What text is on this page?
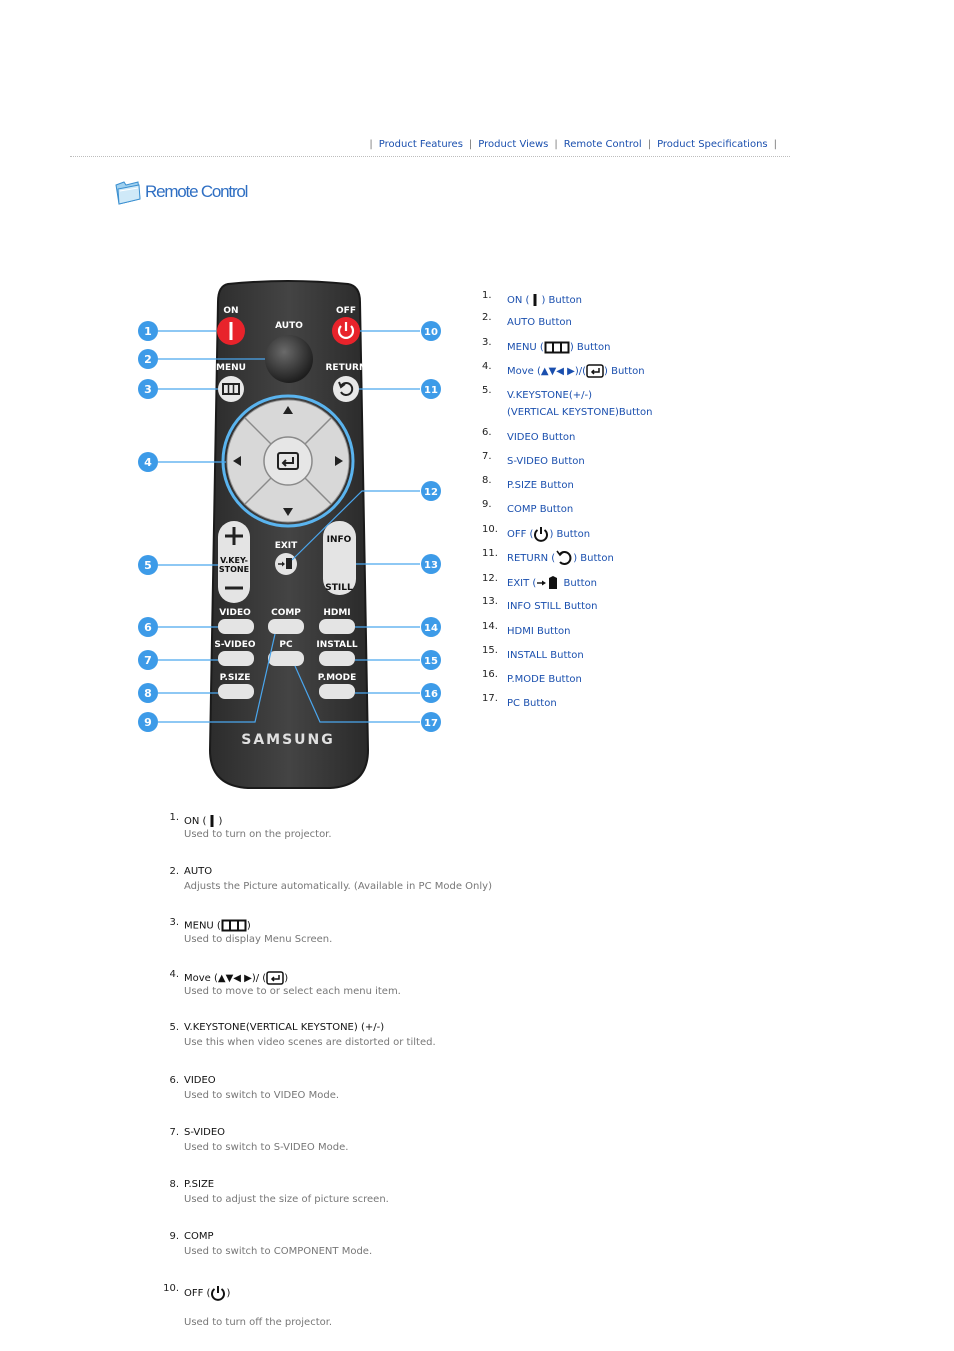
| Product Features | Product Views | Remote Control | Product Specifications |
Remote Control
ON	OFF
AUTO
MENU	RETURN
V.KEY-
STONE
EXIT
INFO
STILL
VIDEO COMP HDMI
S-VIDEO	PC	INSTALL
P.SIZE	P.MODE
SAMSUNG
1
2
3
4
5
6
7
8
9
10
11
12
13
14
15
16
17
1. ON ( ) Button
2. AUTO Button
3. MENU (	) Button
4. Move (▲▼◀ ▶)/( ) Button
5. V.KEYSTONE(+/-)
(VERTICAL KEYSTONE)Button
6. VIDEO Button
7. S-VIDEO Button
8. P.SIZE Button
9. COMP Button
10. OFF ( ) Button
11. RETURN ( ) Button
12. EXIT ( Button
13. INFO STILL Button
14. HDMI Button
15. INSTALL Button
16. P.MODE Button
17. PC Button
1. ON ( )
Used to turn on the projector.
2. AUTO
Adjusts the Picture automatically. (Available in PC Mode Only)
3. MENU (	)
Used to display Menu Screen.
4. Move (▲▼◀ ▶)/ ( )
Used to move to or select each menu item.
5. V.KEYSTONE(VERTICAL KEYSTONE) (+/-)
Use this when video scenes are distorted or tilted.
6. VIDEO
Used to switch to VIDEO Mode.
7. S-VIDEO
Used to switch to S-VIDEO Mode.
8. P.SIZE
Used to adjust the size of picture screen.
9. COMP
Used to switch to COMPONENT Mode.
10. OFF ( )
Used to turn off the projector.
